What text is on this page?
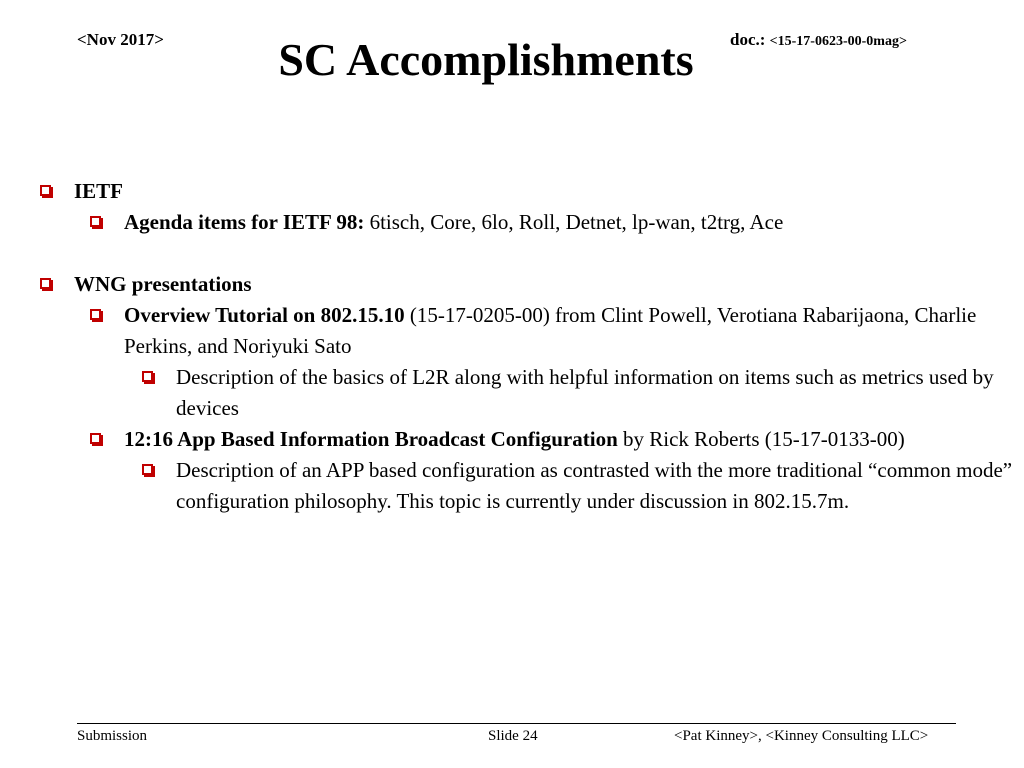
<Nov 2017>	doc.: <15-17-0623-00-0mag>
SC Accomplishments

IETF

Agenda items for IETF 98: 6tisch, Core, 6lo, Roll, Detnet, lp-wan, t2trg, Ace

WNG presentations

Overview Tutorial on 802.15.10 (15-17-0205-00) from Clint Powell, Verotiana Rabarijaona, Charlie Perkins, and Noriyuki Sato

Description of the basics of L2R along with helpful information on items such as metrics used by devices

12:16 App Based Information Broadcast Configuration by Rick Roberts (15-17-0133-00)

Description of an APP based configuration as contrasted with the more traditional “common mode” configuration philosophy. This topic is currently under discussion in 802.15.7m.

Submission	Slide 24	<Pat Kinney>, <Kinney Consulting LLC>
